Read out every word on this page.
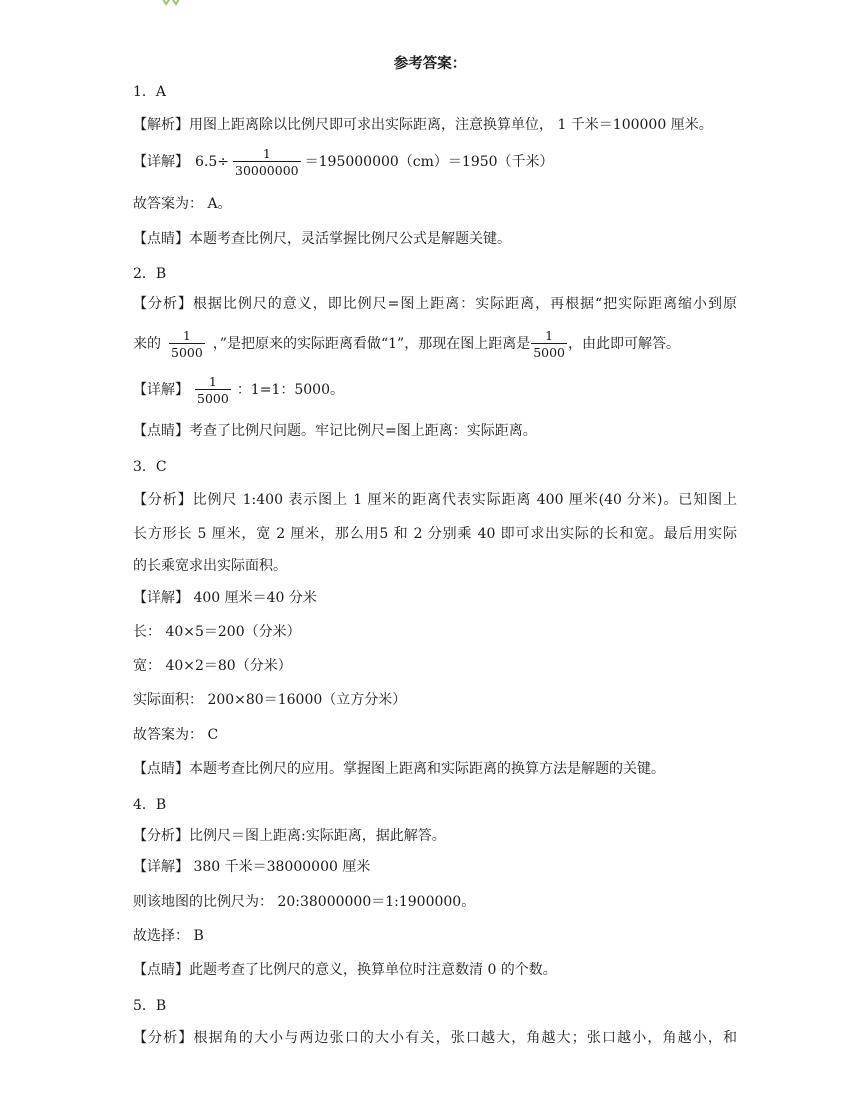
参考答案：
1．A
【解析】用图上距离除以比例尺即可求出实际距离，注意换算单位， 1 千米＝100000 厘米。
【详解】 $6.5\div \frac{1}{30000000} =195000000(cm)=1950$（千米）
故答案为： A。
【点睛】本题考查比例尺，灵活掌握比例尺公式是解题关键。
2．B
【分析】根据比例尺的意义，即比例尺=图上距离：实际距离，再根据“把实际距离缩小到原
来的 $\frac{1}{5000}$ ，”是把原来的实际距离看做“1”，那现在图上距离是 $\frac{1}{5000}$ ，由此即可解答。
【详解】 $\frac{1}{5000}$ ：1=1：5000。
【点睛】考查了比例尺问题。牢记比例尺=图上距离：实际距离。
3．C
【分析】比例尺 1:400 表示图上 1 厘米的距离代表实际距离 400 厘米(40 分米)。已知图上
长方形长 5 厘米，宽 2 厘米，那么用5 和 2 分别乘 40 即可求出实际的长和宽。最后用实际
的长乘宽求出实际面积。
【详解】 400 厘米＝40 分米
长： 40×5＝200（分米）
宽： 40×2＝80（分米）
实际面积： 200×80＝16000（立方分米）
故答案为： C
【点睛】本题考查比例尺的应用。掌握图上距离和实际距离的换算方法是解题的关键。
4．B
【分析】比例尺＝图上距离:实际距离，据此解答。
【详解】 380 千米＝38000000 厘米
则该地图的比例尺为： 20:38000000＝1:1900000。
故选择： B
【点睛】此题考查了比例尺的意义，换算单位时注意数清 0 的个数。
5．B
【分析】根据角的大小与两边张口的大小有关，张口越大，角越大；张口越小，角越小，和
